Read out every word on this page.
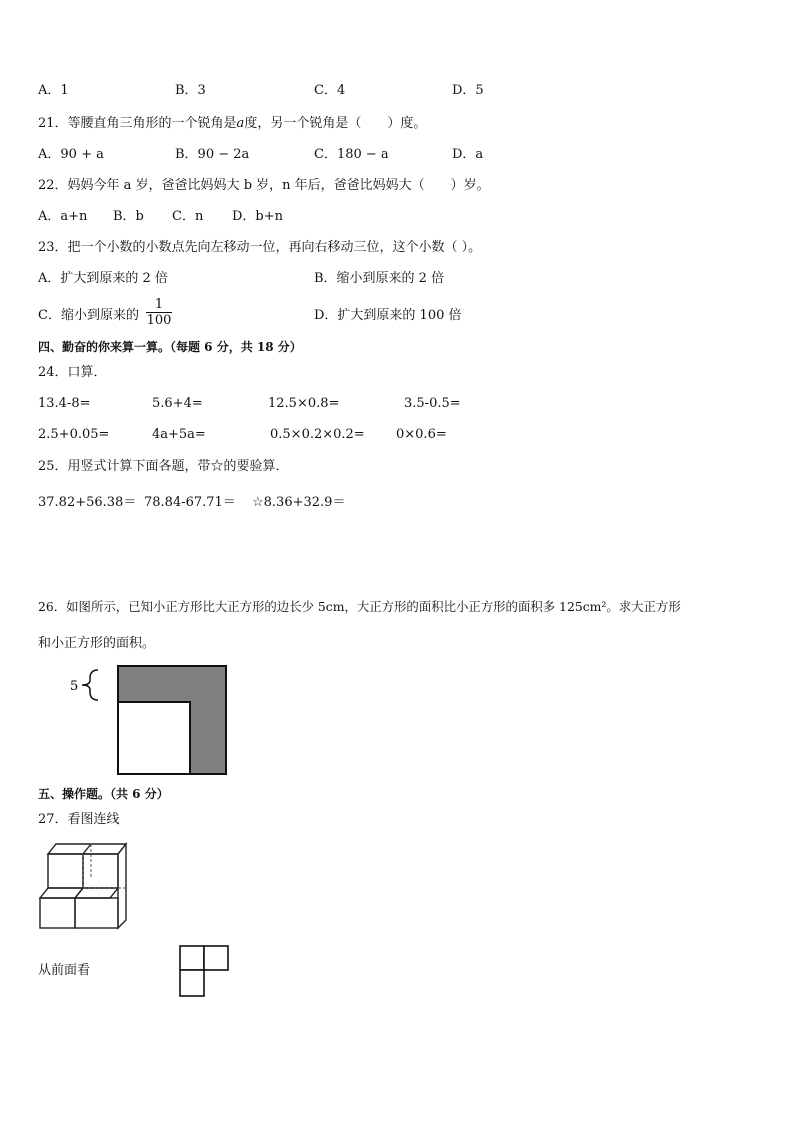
A．1	B．3	C．4	D．5
21．等腰直角三角形的一个锐角是a度，另一个锐角是（　　）度。
A．90 + a	B．90 − 2a	C．180 − a	D．a
22．妈妈今年 a 岁，爸爸比妈妈大 b 岁，n 年后，爸爸比妈妈大（　　）岁。
A．a+n B．b C．n D．b+n
23．把一个小数的小数点先向左移动一位，再向右移动三位，这个小数（ ）。
A．扩大到原来的 2 倍	B．缩小到原来的 2 倍
C．缩小到原来的 $\frac{1}{100}$	D．扩大到原来的 100 倍
四、勤奋的你来算一算。（每题 6 分，共 18 分）
24．口算．
13.4-8=	5.6+4=	12.5×0.8=	3.5-0.5=
2.5+0.05=	4a+5a=	0.5×0.2×0.2= 0×0.6=
25．用竖式计算下面各题，带☆的要验算．
37.82+56.38＝ 78.84-67.71＝ ☆8.36+32.9＝
26．如图所示，已知小正方形比大正方形的边长少 5cm，大正方形的面积比小正方形的面积多 125cm²。求大正方形
和小正方形的面积。
5
五、操作题。（共 6 分）
27．看图连线
从前面看
